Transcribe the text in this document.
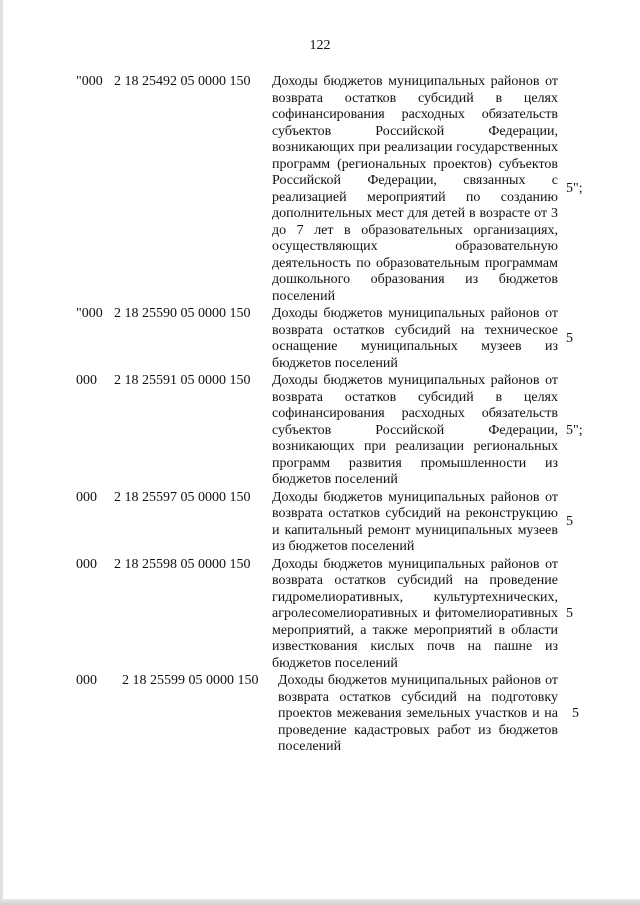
122
"000 2 18 25492 05 0000 150	Доходы бюджетов муниципальных районов от возврата остатков субсидий в целях софинансирования расходных обязательств субъектов Российской Федерации, возникающих при реализации государственных программ (региональных проектов) субъектов Российской Федерации, связанных с реализацией мероприятий по созданию дополнительных мест для детей в возрасте от 3 до 7 лет в образовательных организациях, осуществляющих образовательную деятельность по образовательным программам дошкольного образования из бюджетов поселений
5";
"000 2 18 25590 05 0000 150	Доходы бюджетов муниципальных районов от возврата остатков субсидий на техническое оснащение муниципальных музеев из бюджетов поселений
5
000	2 18 25591 05 0000 150	Доходы бюджетов муниципальных районов от возврата остатков субсидий в целях софинансирования расходных обязательств субъектов Российской Федерации, возникающих при реализации региональных программ развития промышленности из бюджетов поселений
5";
000	2 18 25597 05 0000 150	Доходы бюджетов муниципальных районов от возврата остатков субсидий на реконструкцию и капитальный ремонт муниципальных музеев из бюджетов поселений
5
000	2 18 25598 05 0000 150	Доходы бюджетов муниципальных районов от возврата остатков субсидий на проведение гидромелиоративных, культуртехнических, агролесомелиоративных и фитомелиоративных мероприятий, а также мероприятий в области известкования кислых почв на пашне из бюджетов поселений
5
000	2 18 25599 05 0000 150	Доходы бюджетов муниципальных районов от возврата остатков субсидий на подготовку проектов межевания земельных участков и на проведение кадастровых работ из бюджетов поселений
5
